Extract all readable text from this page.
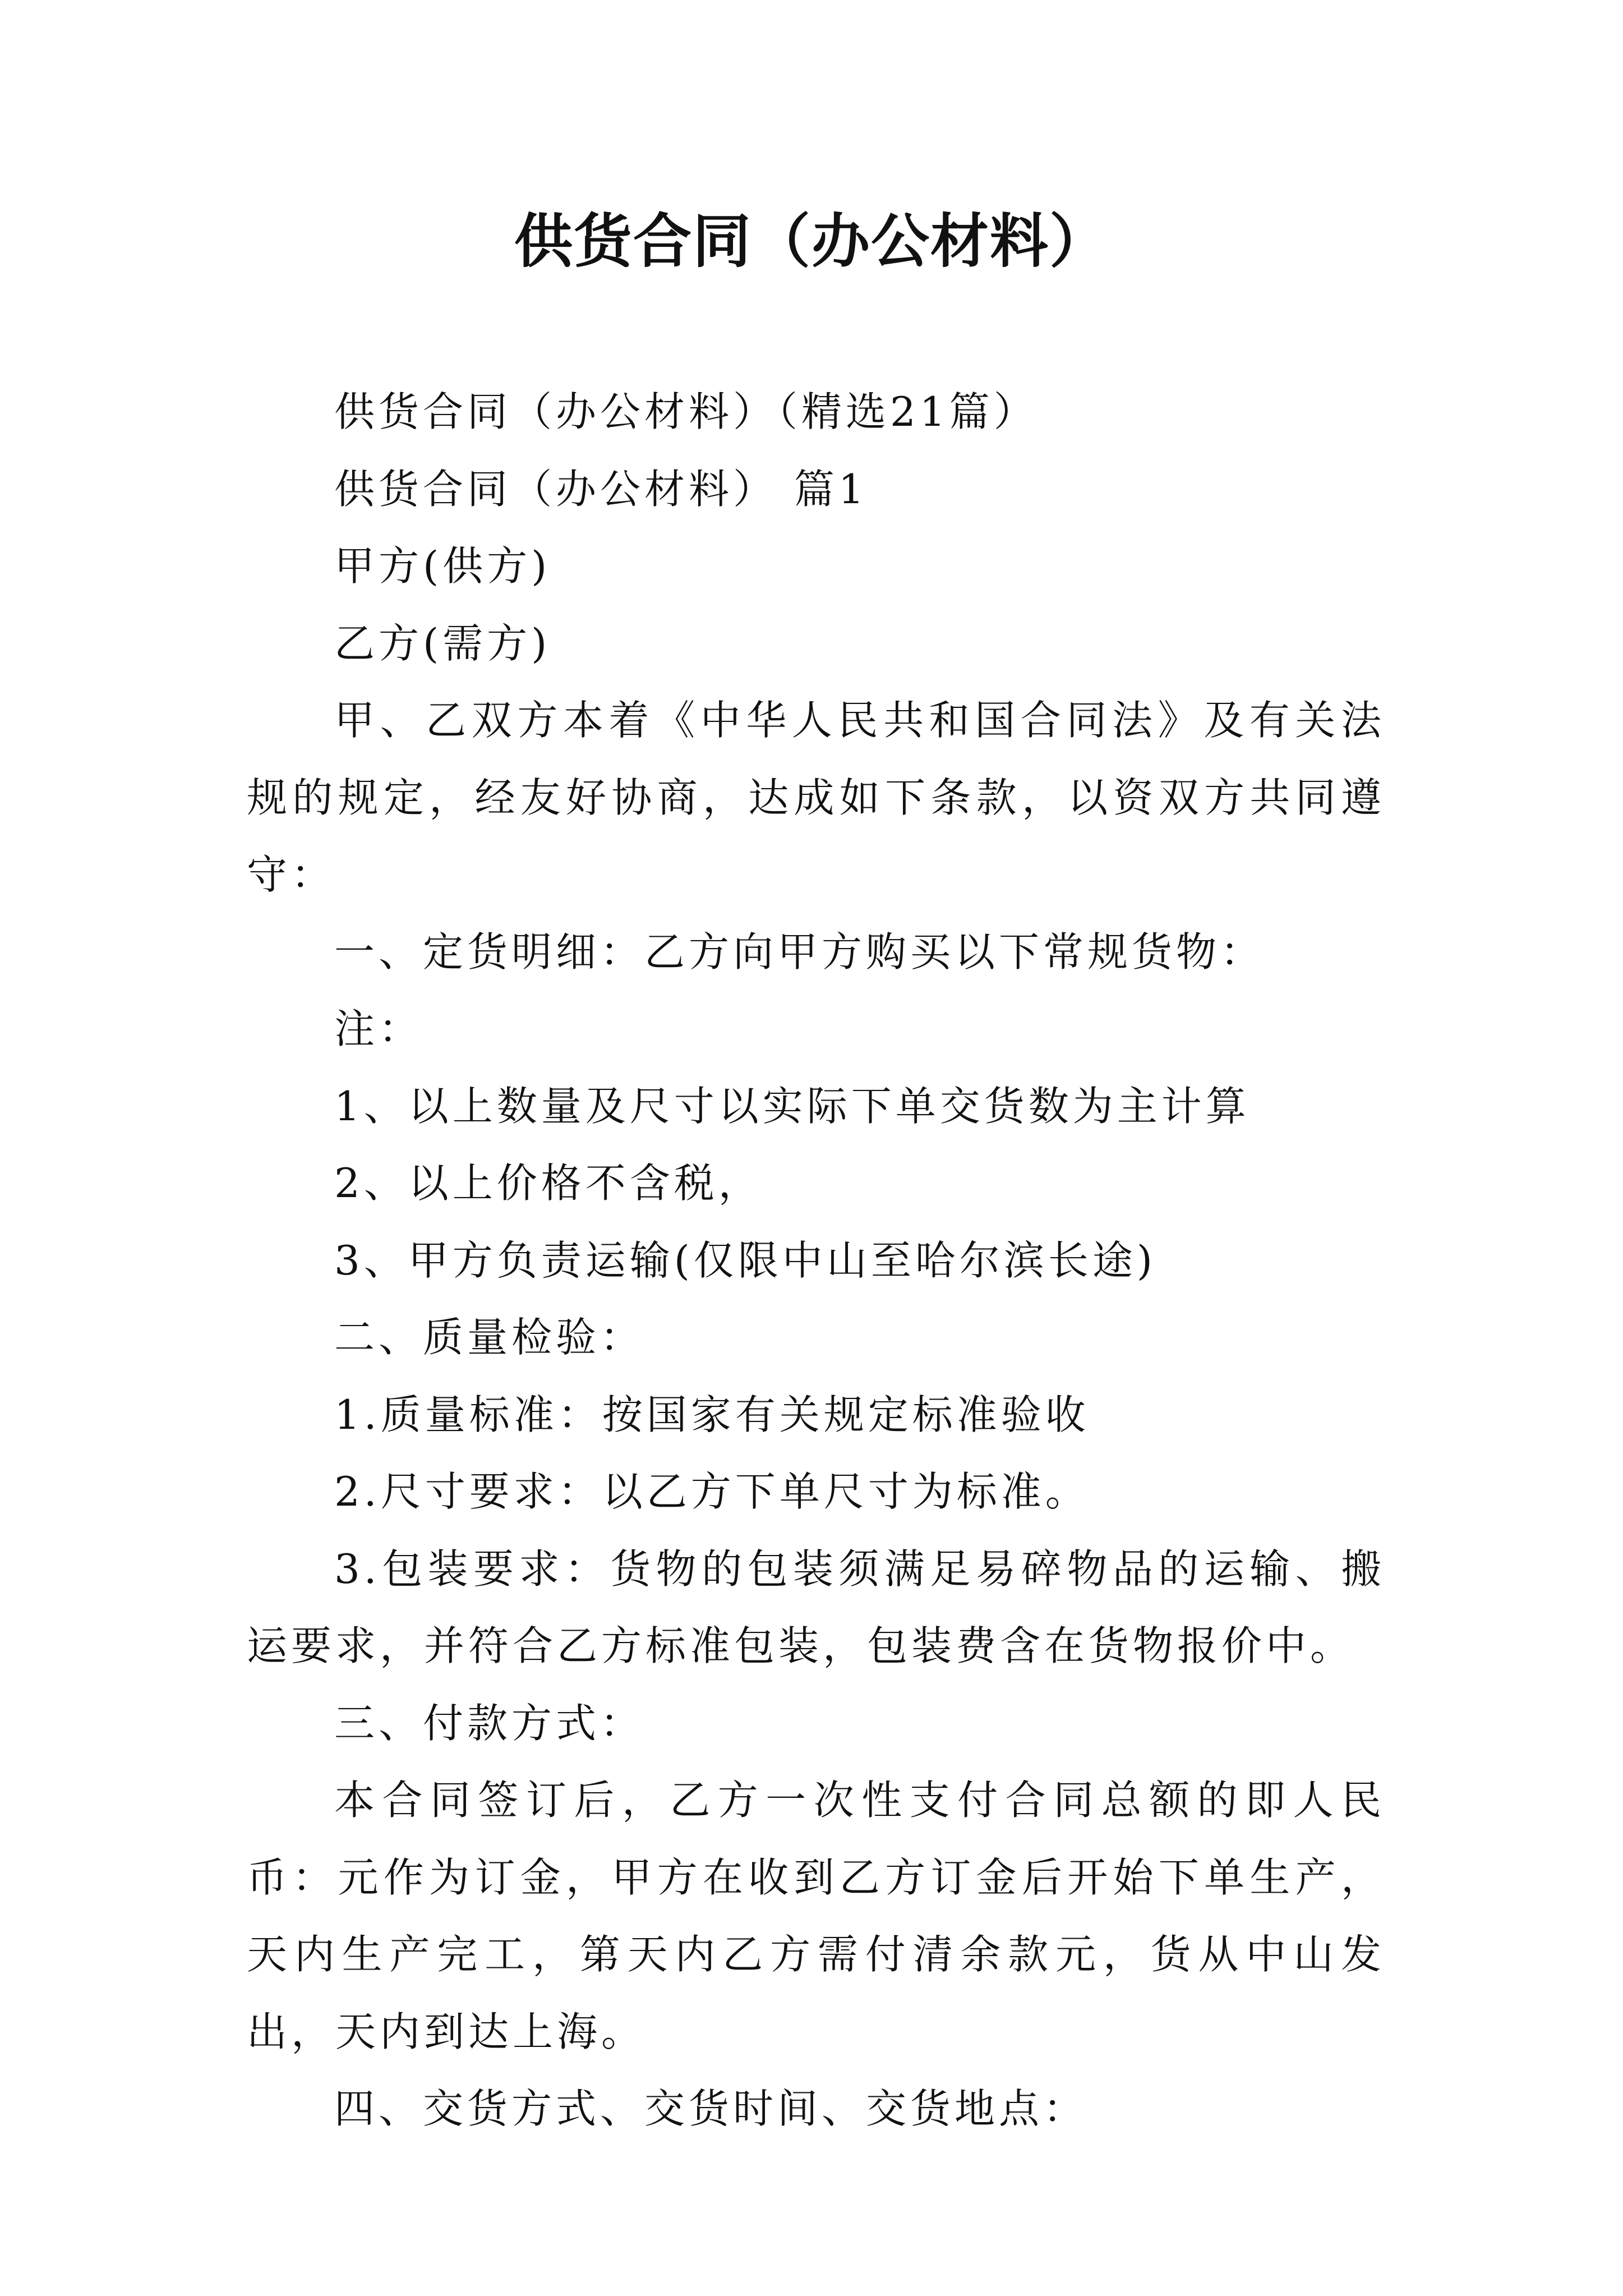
供货合同（办公材料）
供货合同（办公材料）（精选21篇）
供货合同（办公材料） 篇1
甲方(供方)
乙方(需方)

甲、乙双方本着《中华人民共和国合同法》及有关法规的规定，经友好协商，达成如下条款，以资双方共同遵守：

一、定货明细：乙方向甲方购买以下常规货物：
注：
1、以上数量及尺寸以实际下单交货数为主计算
2、以上价格不含税，
3、甲方负责运输(仅限中山至哈尔滨长途)
二、质量检验：
1.质量标准：按国家有关规定标准验收
2.尺寸要求：以乙方下单尺寸为标准。

3.包装要求：货物的包装须满足易碎物品的运输、搬运要求，并符合乙方标准包装，包装费含在货物报价中。

三、付款方式：

本合同签订后，乙方一次性支付合同总额的即人民币：元作为订金，甲方在收到乙方订金后开始下单生产，天内生产完工，第天内乙方需付清余款元，货从中山发出，天内到达上海。

四、交货方式、交货时间、交货地点：
